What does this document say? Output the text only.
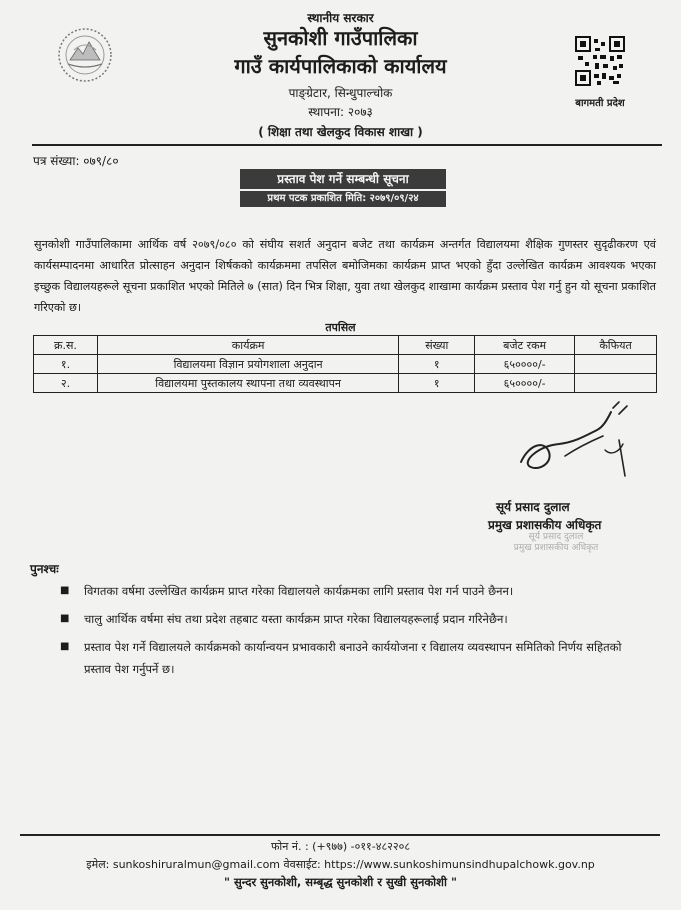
स्थानीय सरकार
सुनकोशी गाउँपालिका
गाउँ कार्यपालिकाको कार्यालय
पाङ्ग्रेटार, सिन्धुपाल्चोक
स्थापना: २०७३
( शिक्षा तथा खेलकुद विकास शाखा )
बागमती प्रदेश
पत्र संख्या: ०७९/८०
प्रस्ताव पेश गर्ने सम्बन्धी सूचना
प्रथम पटक प्रकाशित मिति: २०७९/०९/२४
सुनकोशी गाउँपालिकामा आर्थिक वर्ष २०७९/०८० को संघीय सशर्त अनुदान बजेट तथा कार्यक्रम अन्तर्गत विद्यालयमा शैक्षिक गुणस्तर सुदृढीकरण एवं कार्यसम्पादनमा आधारित प्रोत्साहन अनुदान शिर्षकको कार्यक्रममा तपसिल बमोजिमका कार्यक्रम प्राप्त भएको हुँदा उल्लेखित कार्यक्रम आवश्यक भएका इच्छुक विद्यालयहरूले सूचना प्रकाशित भएको मितिले ७ (सात) दिन भित्र शिक्षा, युवा तथा खेलकुद शाखामा कार्यक्रम प्रस्ताव पेश गर्नु हुन यो सूचना प्रकाशित गरिएको छ।
तपसिल
क्र.स.	कार्यक्रम	संख्या	बजेट रकम	कैफियत
१.	विद्यालयमा विज्ञान प्रयोगशाला अनुदान	१	६५००००/-	
२.	विद्यालयमा पुस्तकालय स्थापना तथा व्यवस्थापन	१	६५००००/-	
सूर्य प्रसाद दुलाल
प्रमुख प्रशासकीय अधिकृत
सूर्य प्रसाद दुलाल
प्रमुख प्रशासकीय अधिकृत
पुनश्चः
■ विगतका वर्षमा उल्लेखित कार्यक्रम प्राप्त गरेका विद्यालयले कार्यक्रमका लागि प्रस्ताव पेश गर्न पाउने छैनन।
■ चालु आर्थिक वर्षमा संघ तथा प्रदेश तहबाट यस्ता कार्यक्रम प्राप्त गरेका विद्यालयहरूलाई प्रदान गरिनेछैन।
■ प्रस्ताव पेश गर्ने विद्यालयले कार्यक्रमको कार्यान्वयन प्रभावकारी बनाउने कार्ययोजना र विद्यालय व्यवस्थापन समितिको निर्णय सहितको प्रस्ताव पेश गर्नुपर्ने छ।
फोन नं. : (+९७७) -०११-४८२२०८
इमेल: sunkoshiruralmun@gmail.com वेवसाईट: https://www.sunkoshimunsindhupalchowk.gov.np
" सुन्दर सुनकोशी, सम्बृद्ध सुनकोशी र सुखी सुनकोशी "
